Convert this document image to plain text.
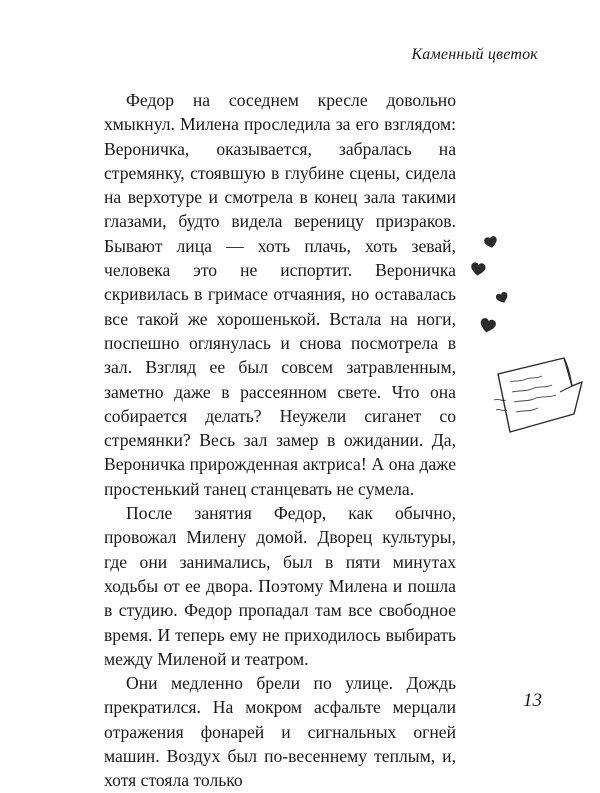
Каменный цветок

Федор на соседнем кресле довольно хмыкнул. Милена проследила за его взглядом: Вероничка, оказывается, забралась на стремянку, стоявшую в глубине сцены, сидела на верхотуре и смотрела в конец зала такими глазами, будто видела вереницу призраков. Бывают лица — хоть плачь, хоть зевай, человека это не испортит. Вероничка скривилась в гримасе отчаяния, но оставалась все такой же хорошенькой. Встала на ноги, поспешно оглянулась и снова посмотрела в зал. Взгляд ее был совсем затравленным, заметно даже в рассеянном свете. Что она собирается делать? Неужели сиганет со стремянки? Весь зал замер в ожидании. Да, Вероничка прирожденная актриса! А она даже простенький танец станцевать не сумела.

После занятия Федор, как обычно, провожал Милену домой. Дворец культуры, где они занимались, был в пяти минутах ходьбы от ее двора. Поэтому Милена и пошла в студию. Федор пропадал там все свободное время. И теперь ему не приходилось выбирать между Миленой и театром.

Они медленно брели по улице. Дождь прекратился. На мокром асфальте мерцали отражения фонарей и сигнальных огней машин. Воздух был по-весеннему теплым, и, хотя стояла только

13
